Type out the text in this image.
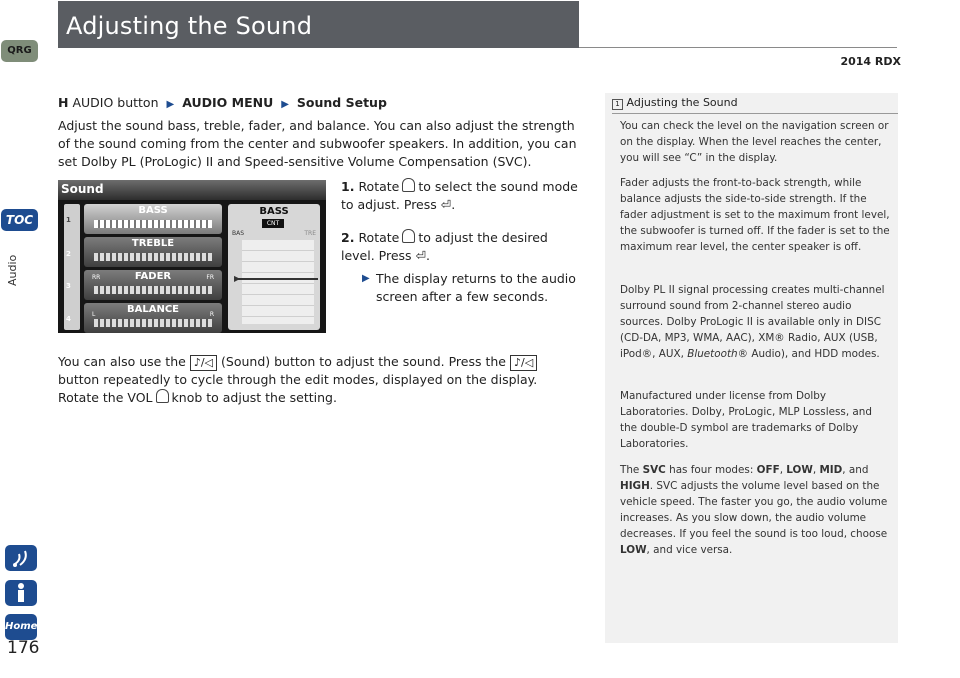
Adjusting the Sound
2014 RDX
QRG
TOC
Audio
Home
176
H AUDIO button ▶ AUDIO MENU ▶ Sound Setup
Adjust the sound bass, treble, fader, and balance. You can also adjust the strength of the sound coming from the center and subwoofer speakers. In addition, you can set Dolby PL (ProLogic) II and Speed-sensitive Volume Compensation (SVC).
Sound
1
2
3
4
BASS
TREBLE
FADER
RR	FR
BALANCE
L	R
BASS
CNT
BAS	TRE
▶
1. Rotate to select the sound mode to adjust. Press ⏎.
2. Rotate to adjust the desired level. Press ⏎.
▶ The display returns to the audio screen after a few seconds.
You can also use the ♪/◁ (Sound) button to adjust the sound. Press the ♪/◁button repeatedly to cycle through the edit modes, displayed on the display. Rotate the VOL knob to adjust the setting.
1 Adjusting the Sound
You can check the level on the navigation screen or on the display. When the level reaches the center, you will see “C” in the display.
Fader adjusts the front-to-back strength, while balance adjusts the side-to-side strength. If the fader adjustment is set to the maximum front level, the subwoofer is turned off. If the fader is set to the maximum rear level, the center speaker is off.
Dolby PL II signal processing creates multi-channel surround sound from 2-channel stereo audio sources. Dolby ProLogic II is available only in DISC (CD-DA, MP3, WMA, AAC), XM® Radio, AUX (USB, iPod®, AUX, Bluetooth® Audio), and HDD modes.
Manufactured under license from Dolby Laboratories. Dolby, ProLogic, MLP Lossless, and the double-D symbol are trademarks of Dolby Laboratories.
The SVC has four modes: OFF, LOW, MID, and HIGH. SVC adjusts the volume level based on the vehicle speed. The faster you go, the audio volume increases. As you slow down, the audio volume decreases. If you feel the sound is too loud, choose LOW, and vice versa.
